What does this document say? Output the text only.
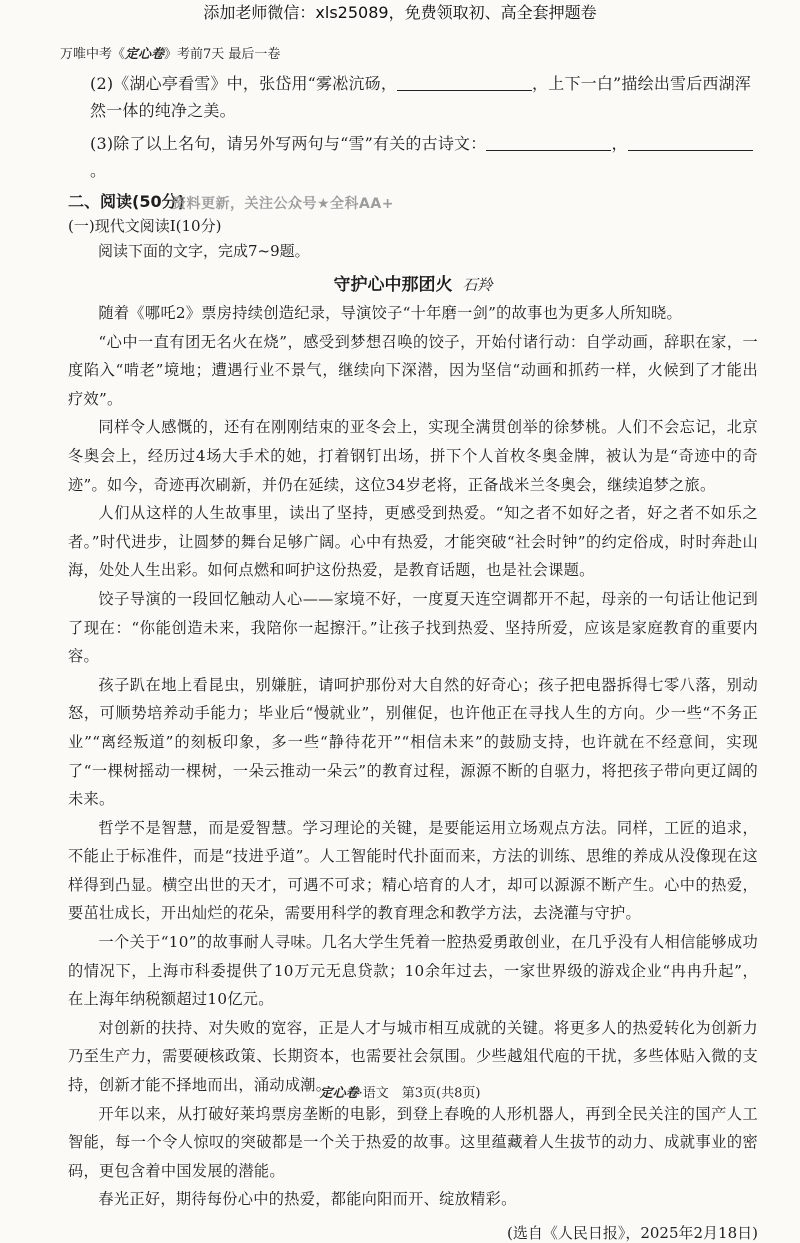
添加老师微信：xls25089，免费领取初、高全套押题卷
万唯中考《定心卷》考前7天 最后一卷

(2)《湖心亭看雪》中，张岱用“雾凇沆砀，	，上下一白”描绘出雪后西湖浑然一体的纯净之美。

(3)除了以上名句，请另外写两句与“雪”有关的古诗文：	，。

二、阅读(50分)
资料更新，关注公众号★全科AA+

(一)现代文阅读Ⅰ(10分)

阅读下面的文字，完成7~9题。

守护心中那团火 石羚

随着《哪吒2》票房持续创造纪录，导演饺子“十年磨一剑”的故事也为更多人所知晓。

“心中一直有团无名火在烧”，感受到梦想召唤的饺子，开始付诸行动：自学动画，辞职在家，一度陷入“啃老”境地；遭遇行业不景气，继续向下深潜，因为坚信“动画和抓药一样，火候到了才能出疗效”。

同样令人感慨的，还有在刚刚结束的亚冬会上，实现全满贯创举的徐梦桃。人们不会忘记，北京冬奥会上，经历过4场大手术的她，打着钢钉出场，拼下个人首枚冬奥金牌，被认为是“奇迹中的奇迹”。如今，奇迹再次刷新，并仍在延续，这位34岁老将，正备战米兰冬奥会，继续追梦之旅。

人们从这样的人生故事里，读出了坚持，更感受到热爱。“知之者不如好之者，好之者不如乐之者。”时代进步，让圆梦的舞台足够广阔。心中有热爱，才能突破“社会时钟”的约定俗成，时时奔赴山海，处处人生出彩。如何点燃和呵护这份热爱，是教育话题，也是社会课题。

饺子导演的一段回忆触动人心——家境不好，一度夏天连空调都开不起，母亲的一句话让他记到了现在：“你能创造未来，我陪你一起擦汗。”让孩子找到热爱、坚持所爱，应该是家庭教育的重要内容。

孩子趴在地上看昆虫，别嫌脏，请呵护那份对大自然的好奇心；孩子把电器拆得七零八落，别动怒，可顺势培养动手能力；毕业后“慢就业”，别催促，也许他正在寻找人生的方向。少一些“不务正业”“离经叛道”的刻板印象，多一些“静待花开”“相信未来”的鼓励支持，也许就在不经意间，实现了“一棵树摇动一棵树，一朵云推动一朵云”的教育过程，源源不断的自驱力，将把孩子带向更辽阔的未来。

哲学不是智慧，而是爱智慧。学习理论的关键，是要能运用立场观点方法。同样，工匠的追求，不能止于标准件，而是“技进乎道”。人工智能时代扑面而来，方法的训练、思维的养成从没像现在这样得到凸显。横空出世的天才，可遇不可求；精心培育的人才，却可以源源不断产生。心中的热爱，要茁壮成长，开出灿烂的花朵，需要用科学的教育理念和教学方法，去浇灌与守护。

一个关于“10”的故事耐人寻味。几名大学生凭着一腔热爱勇敢创业，在几乎没有人相信能够成功的情况下，上海市科委提供了10万元无息贷款；10余年过去，一家世界级的游戏企业“冉冉升起”，在上海年纳税额超过10亿元。

对创新的扶持、对失败的宽容，正是人才与城市相互成就的关键。将更多人的热爱转化为创新力乃至生产力，需要硬核政策、长期资本，也需要社会氛围。少些越俎代庖的干扰，多些体贴入微的支持，创新才能不择地而出，涌动成潮。

开年以来，从打破好莱坞票房垄断的电影，到登上春晚的人形机器人，再到全民关注的国产人工智能，每一个令人惊叹的突破都是一个关于热爱的故事。这里蕴藏着人生拔节的动力、成就事业的密码，更包含着中国发展的潜能。

春光正好，期待每份心中的热爱，都能向阳而开、绽放精彩。

(选自《人民日报》，2025年2月18日)

定心卷·语文　第3页(共8页)
